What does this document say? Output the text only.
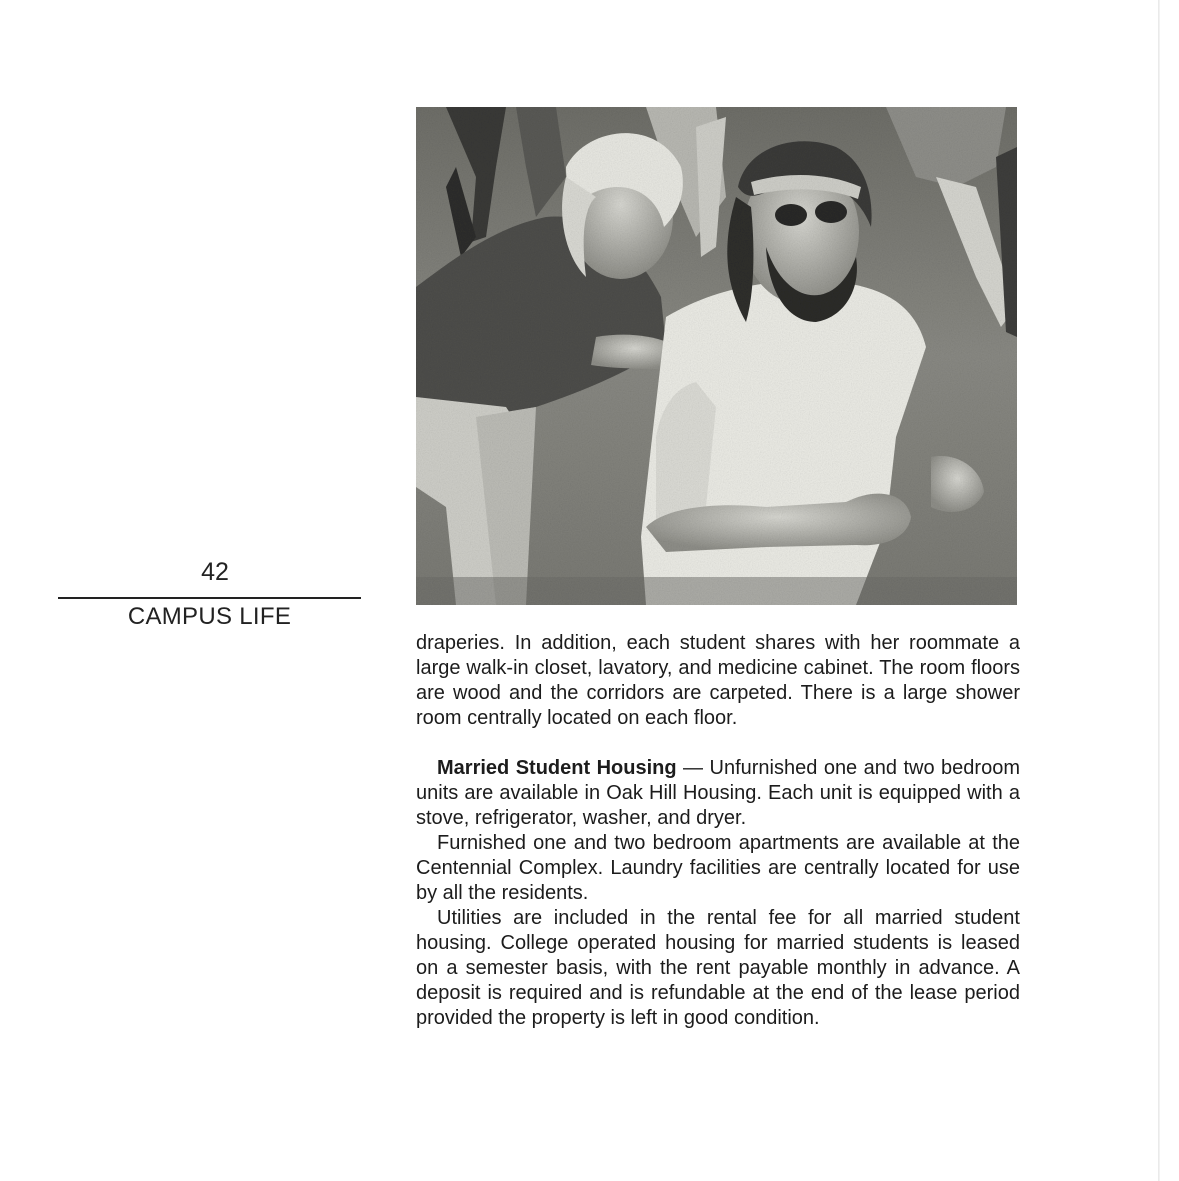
42
CAMPUS LIFE

draperies. In addition, each student shares with her roommate a large walk-in closet, lavatory, and medicine cabinet. The room floors are wood and the corridors are carpeted. There is a large shower room centrally located on each floor.

Married Student Housing — Unfurnished one and two bedroom units are available in Oak Hill Housing. Each unit is equipped with a stove, refrigerator, washer, and dryer.

Furnished one and two bedroom apartments are available at the Centennial Complex. Laundry facilities are centrally located for use by all the residents.

Utilities are included in the rental fee for all married student housing. College operated housing for married students is leased on a semester basis, with the rent payable monthly in advance. A deposit is required and is refundable at the end of the lease period provided the property is left in good condition.
